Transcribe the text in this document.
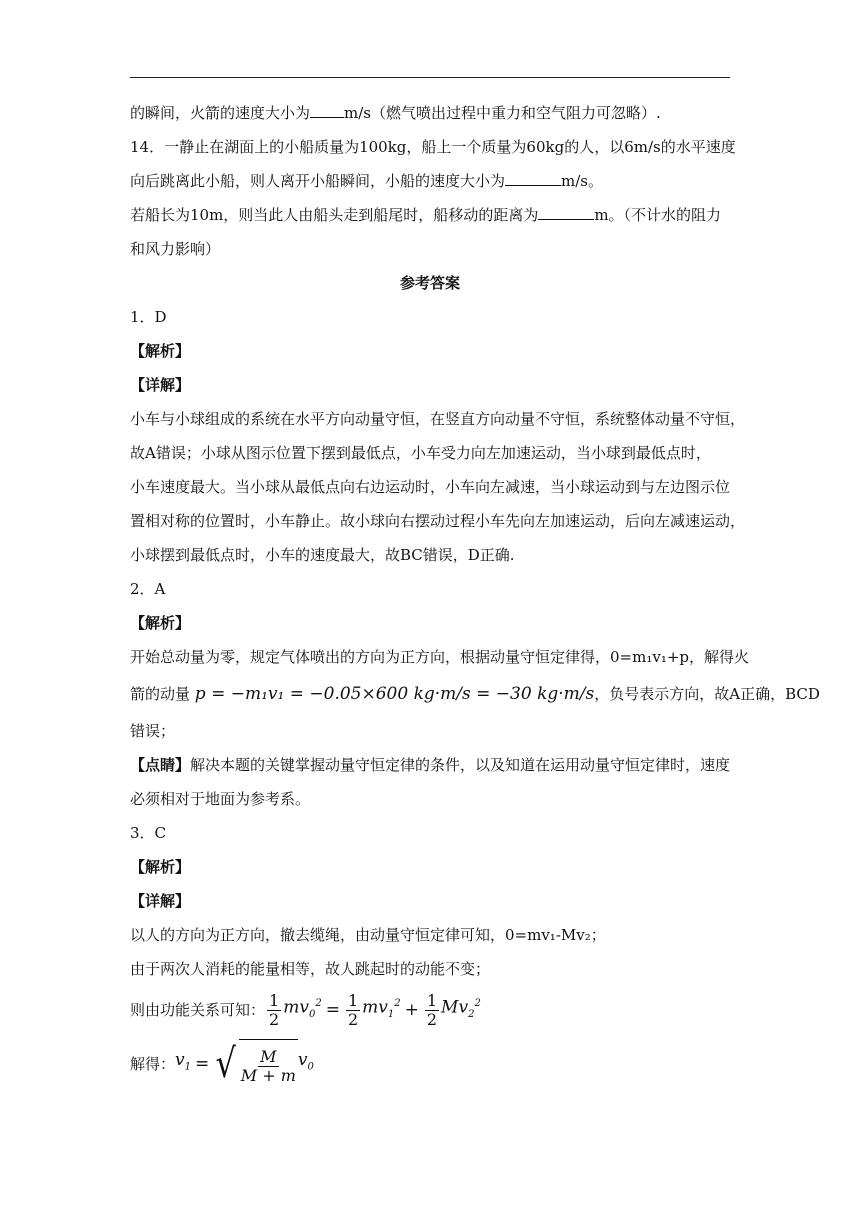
的瞬间，火箭的速度大小为 m/s（燃气喷出过程中重力和空气阻力可忽略）.
14．一静止在湖面上的小船质量为100kg，船上一个质量为60kg的人，以6m/s的水平速度
向后跳离此小船，则人离开小船瞬间，小船的速度大小为	m/s。
若船长为10m，则当此人由船头走到船尾时，船移动的距离为	m。（不计水的阻力
和风力影响）
参考答案
1．D
【解析】
【详解】
小车与小球组成的系统在水平方向动量守恒，在竖直方向动量不守恒，系统整体动量不守恒，
故A错误；小球从图示位置下摆到最低点，小车受力向左加速运动，当小球到最低点时，
小车速度最大。当小球从最低点向右边运动时，小车向左减速，当小球运动到与左边图示位
置相对称的位置时，小车静止。故小球向右摆动过程小车先向左加速运动，后向左减速运动，
小球摆到最低点时，小车的速度最大，故BC错误，D正确.
2．A
【解析】
开始总动量为零，规定气体喷出的方向为正方向，根据动量守恒定律得，0=m₁v₁+p，解得火
箭的动量 p = −m₁v₁ = −0.05×600 kg·m/s = −30 kg·m/s，负号表示方向，故A正确，BCD
错误；
【点睛】解决本题的关键掌握动量守恒定律的条件，以及知道在运用动量守恒定律时，速度
必须相对于地面为参考系。
3．C
【解析】
【详解】
以人的方向为正方向，撤去缆绳，由动量守恒定律可知，0=mv₁-Mv₂；
由于两次人消耗的能量相等，故人跳起时的动能不变；
则由功能关系可知： $\frac{1}{2} mv_0^2 = \frac{1}{2} mv_1^2 + \frac{1}{2} Mv_2^2$
解得： $v_1$ = √ $\frac{M}{M + m} v_0$
